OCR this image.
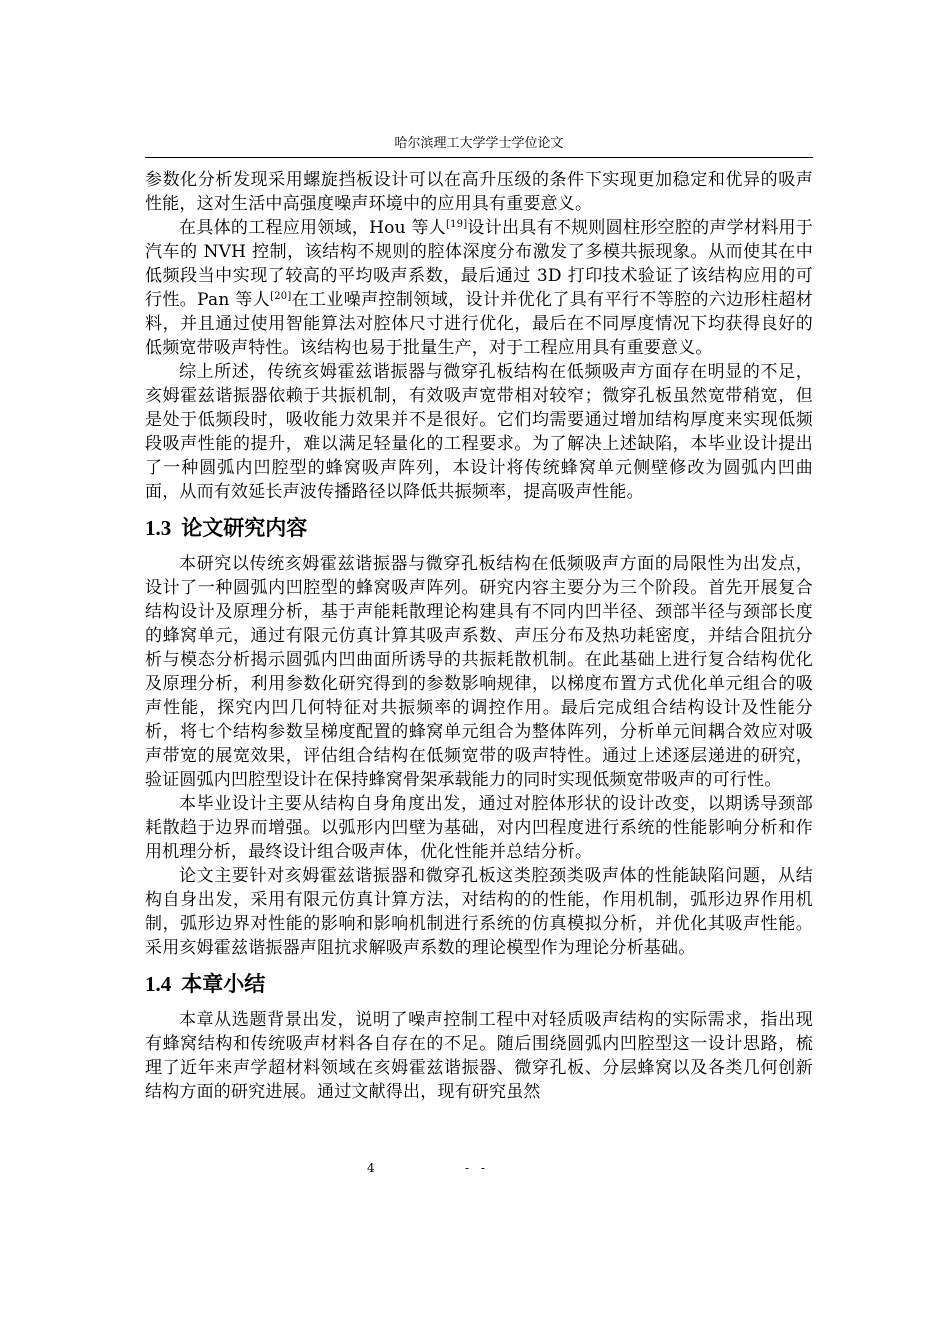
哈尔滨理工大学学士学位论文

参数化分析发现采用螺旋挡板设计可以在高升压级的条件下实现更加稳定和优异的吸声性能，这对生活中高强度噪声环境中的应用具有重要意义。

在具体的工程应用领域，Hou 等人[19]设计出具有不规则圆柱形空腔的声学材料用于汽车的 NVH 控制，该结构不规则的腔体深度分布激发了多模共振现象。从而使其在中低频段当中实现了较高的平均吸声系数，最后通过 3D 打印技术验证了该结构应用的可行性。Pan 等人[20]在工业噪声控制领域，设计并优化了具有平行不等腔的六边形柱超材料，并且通过使用智能算法对腔体尺寸进行优化，最后在不同厚度情况下均获得良好的低频宽带吸声特性。该结构也易于批量生产，对于工程应用具有重要意义。

综上所述，传统亥姆霍兹谐振器与微穿孔板结构在低频吸声方面存在明显的不足，亥姆霍兹谐振器依赖于共振机制，有效吸声宽带相对较窄；微穿孔板虽然宽带稍宽，但是处于低频段时，吸收能力效果并不是很好。它们均需要通过增加结构厚度来实现低频段吸声性能的提升，难以满足轻量化的工程要求。为了解决上述缺陷，本毕业设计提出了一种圆弧内凹腔型的蜂窝吸声阵列，本设计将传统蜂窝单元侧壁修改为圆弧内凹曲面，从而有效延长声波传播路径以降低共振频率，提高吸声性能。

1.3 论文研究内容

本研究以传统亥姆霍兹谐振器与微穿孔板结构在低频吸声方面的局限性为出发点，设计了一种圆弧内凹腔型的蜂窝吸声阵列。研究内容主要分为三个阶段。首先开展复合结构设计及原理分析，基于声能耗散理论构建具有不同内凹半径、颈部半径与颈部长度的蜂窝单元，通过有限元仿真计算其吸声系数、声压分布及热功耗密度，并结合阻抗分析与模态分析揭示圆弧内凹曲面所诱导的共振耗散机制。在此基础上进行复合结构优化及原理分析，利用参数化研究得到的参数影响规律，以梯度布置方式优化单元组合的吸声性能，探究内凹几何特征对共振频率的调控作用。最后完成组合结构设计及性能分析，将七个结构参数呈梯度配置的蜂窝单元组合为整体阵列，分析单元间耦合效应对吸声带宽的展宽效果，评估组合结构在低频宽带的吸声特性。通过上述逐层递进的研究，验证圆弧内凹腔型设计在保持蜂窝骨架承载能力的同时实现低频宽带吸声的可行性。

本毕业设计主要从结构自身角度出发，通过对腔体形状的设计改变，以期诱导颈部耗散趋于边界而增强。以弧形内凹壁为基础，对内凹程度进行系统的性能影响分析和作用机理分析，最终设计组合吸声体，优化性能并总结分析。

论文主要针对亥姆霍兹谐振器和微穿孔板这类腔颈类吸声体的性能缺陷问题，从结构自身出发，采用有限元仿真计算方法，对结构的的性能，作用机制，弧形边界作用机制，弧形边界对性能的影响和影响机制进行系统的仿真模拟分析，并优化其吸声性能。采用亥姆霍兹谐振器声阻抗求解吸声系数的理论模型作为理论分析基础。

1.4 本章小结

本章从选题背景出发，说明了噪声控制工程中对轻质吸声结构的实际需求，指出现有蜂窝结构和传统吸声材料各自存在的不足。随后围绕圆弧内凹腔型这一设计思路，梳理了近年来声学超材料领域在亥姆霍兹谐振器、微穿孔板、分层蜂窝以及各类几何创新结构方面的研究进展。通过文献得出，现有研究虽然

4	- -
